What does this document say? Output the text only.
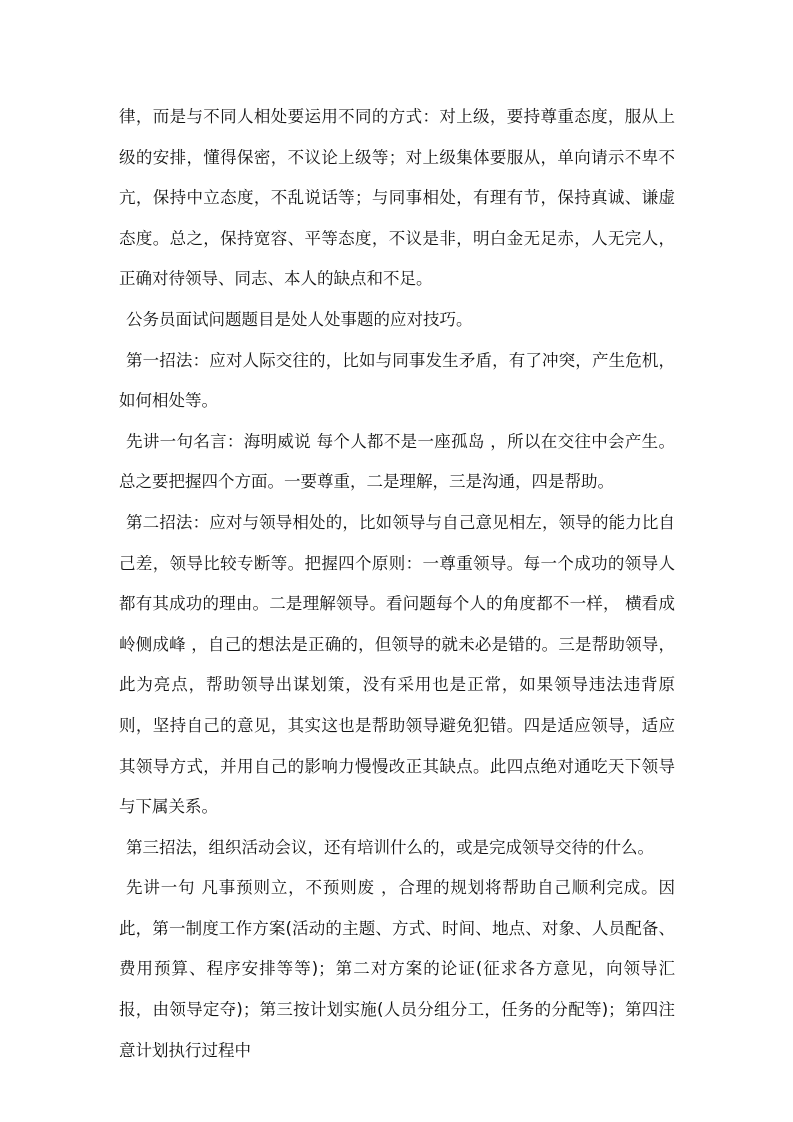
律，而是与不同人相处要运用不同的方式：对上级，要持尊重态度，服从上级的安排，懂得保密，不议论上级等；对上级集体要服从，单向请示不卑不亢，保持中立态度，不乱说话等；与同事相处，有理有节，保持真诚、谦虚态度。总之，保持宽容、平等态度，不议是非，明白金无足赤，人无完人，正确对待领导、同志、本人的缺点和不足。

公务员面试问题题目是处人处事题的应对技巧。

第一招法：应对人际交往的，比如与同事发生矛盾，有了冲突，产生危机，如何相处等。

先讲一句名言：海明威说 每个人都不是一座孤岛 ，所以在交往中会产生。总之要把握四个方面。一要尊重，二是理解，三是沟通，四是帮助。

第二招法：应对与领导相处的，比如领导与自己意见相左，领导的能力比自己差，领导比较专断等。把握四个原则：一尊重领导。每一个成功的领导人都有其成功的理由。二是理解领导。看问题每个人的角度都不一样， 横看成岭侧成峰 ，自己的想法是正确的，但领导的就未必是错的。三是帮助领导，此为亮点，帮助领导出谋划策，没有采用也是正常，如果领导违法违背原则，坚持自己的意见，其实这也是帮助领导避免犯错。四是适应领导，适应其领导方式，并用自己的影响力慢慢改正其缺点。此四点绝对通吃天下领导与下属关系。

第三招法，组织活动会议，还有培训什么的，或是完成领导交待的什么。

先讲一句 凡事预则立，不预则废 ，合理的规划将帮助自己顺利完成。因此，第一制度工作方案(活动的主题、方式、时间、地点、对象、人员配备、费用预算、程序安排等等)；第二对方案的论证(征求各方意见，向领导汇报，由领导定夺)；第三按计划实施(人员分组分工，任务的分配等)；第四注意计划执行过程中
